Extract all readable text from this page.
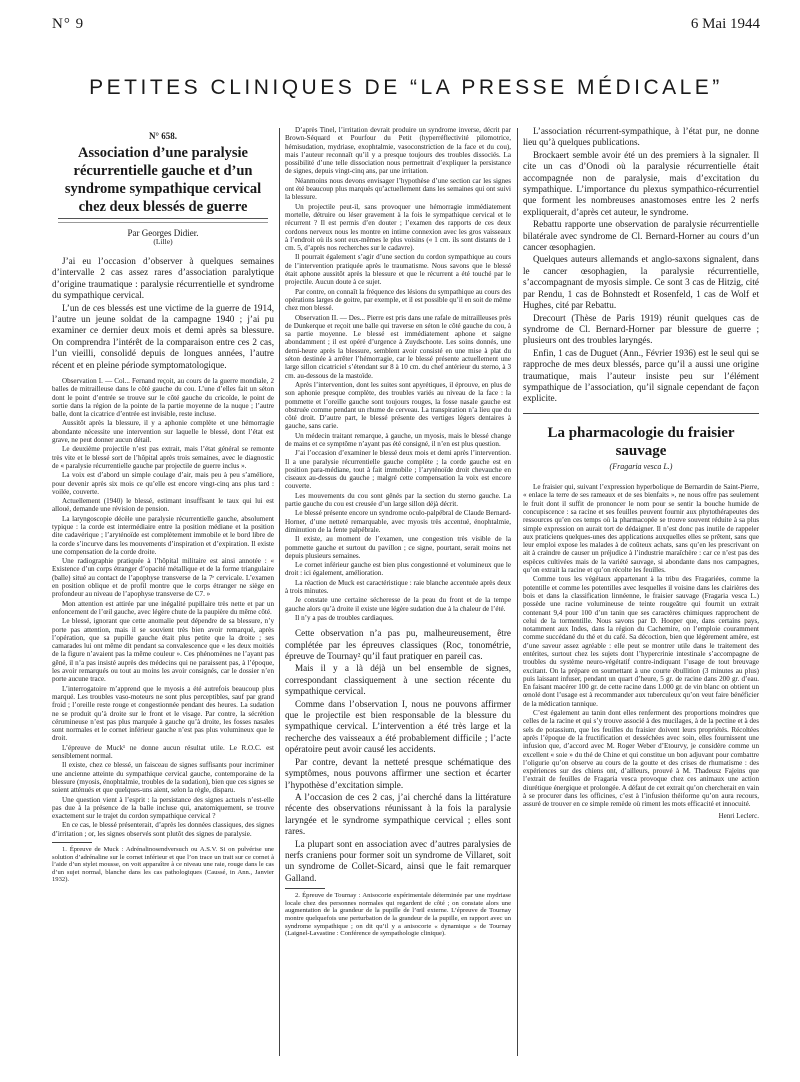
N° 9	6 Mai 1944
PETITES CLINIQUES DE “LA PRESSE MÉDICALE”
N° 658.
Association d’une paralysie récurrentielle gauche et d’un syndrome sympathique cervical chez deux blessés de guerre
Par Georges Didier.
(Lille)

J’ai eu l’occasion d’observer à quelques semaines d’intervalle 2 cas assez rares d’association paralytique d’origine traumatique : paralysie récurrentielle et syndrome du sympathique cervical.

L’un de ces blessés est une victime de la guerre de 1914, l’autre un jeune soldat de la campagne 1940 ; j’ai pu examiner ce dernier deux mois et demi après sa blessure. On comprendra l’intérêt de la comparaison entre ces 2 cas, l’un vieilli, consolidé depuis de longues années, l’autre récent et en pleine période symptomatologique.

Observation I. — Col... Fernand reçoit, au cours de la guerre mondiale, 2 balles de mitrailleuse dans le côté gauche du cou. L’une d’elles fait un séton dont le point d’entrée se trouve sur le côté gauche du cricoïde, le point de sortie dans la région de la pointe de la partie moyenne de la nuque ; l’autre balle, dont la cicatrice d’entrée est invisible, reste incluse.

Aussitôt après la blessure, il y a aphonie complète et une hémorragie abondante nécessite une intervention sur laquelle le blessé, dont l’état est grave, ne peut donner aucun détail.

Le deuxième projectile n’est pas extrait, mais l’état général se remonte très vite et le blessé sort de l’hôpital après trois semaines, avec le diagnostic de « paralysie récurrentielle gauche par projectile de guerre inclus ».

La voix est d’abord un simple coulage d’air, mais peu à peu s’améliore, pour devenir après six mois ce qu’elle est encore vingt-cinq ans plus tard : voilée, couverte.

Actuellement (1940) le blessé, estimant insuffisant le taux qui lui est alloué, demande une révision de pension.

La laryngoscopie décèle une paralysie récurrentielle gauche, absolument typique : la corde est intermédiaire entre la position médiane et la position dite cadavérique ; l’aryténoïde est complètement immobile et le bord libre de la corde s’incurve dans les mouvements d’inspiration et d’expiration. Il existe une compensation de la corde droite.

Une radiographie pratiquée à l’hôpital militaire est ainsi annotée : « Existence d’un corps étranger d’opacité métallique et de la forme triangulaire (balle) situé au contact de l’apophyse transverse de la 7ᵉ cervicale. L’examen en position oblique et de profil montre que le corps étranger ne siège en profondeur au niveau de l’apophyse transverse de C7. »

Mon attention est attirée par une inégalité pupillaire très nette et par un enfoncement de l’œil gauche, avec légère chute de la paupière du même côté.

Le blessé, ignorant que cette anomalie peut dépendre de sa blessure, n’y porte pas attention, mais il se souvient très bien avoir remarqué, après l’opération, que sa pupille gauche était plus petite que la droite ; ses camarades lui ont même dit pendant sa convalescence que « les deux moitiés de la figure n’avaient pas la même couleur ». Ces phénomènes ne l’ayant pas gêné, il n’a pas insisté auprès des médecins qui ne paraissent pas, à l’époque, les avoir remarqués ou tout au moins les avoir consignés, car le dossier n’en porte aucune trace.

L’interrogatoire m’apprend que le myosis a été autrefois beaucoup plus marqué. Les troubles vaso-moteurs ne sont plus perceptibles, sauf par grand froid ; l’oreille reste rouge et congestionnée pendant des heures. La sudation ne se produit qu’à droite sur le front et le visage. Par contre, la sécrétion cérumineuse n’est pas plus marquée à gauche qu’à droite, les fosses nasales sont normales et le cornet inférieur gauche n’est pas plus volumineux que le droit.

L’épreuve de Muck¹ ne donne aucun résultat utile. Le R.O.C. est sensiblement normal.

Il existe, chez ce blessé, un faisceau de signes suffisants pour incriminer une ancienne atteinte du sympathique cervical gauche, contemporaine de la blessure (myosis, énophtalmie, troubles de la sudation), bien que ces signes se soient atténués et que quelques-uns aient, selon la règle, disparu.

Une question vient à l’esprit : la persistance des signes actuels n’est-elle pas due à la présence de la balle incluse qui, anatomiquement, se trouve exactement sur le trajet du cordon sympathique cervical ?

En ce cas, le blessé présenterait, d’après les données classiques, des signes d’irritation ; or, les signes observés sont plutôt des signes de paralysie.

1. Épreuve de Muck : Adrénalinosendversuch ou A.S.V. Si on pulvérise une solution d’adrénaline sur le cornet inférieur et que l’on trace un trait sur ce cornet à l’aide d’un stylet mousse, on voit apparaître à ce niveau une raie, rouge dans le cas d’un sujet normal, blanche dans les cas pathologiques (Caussé, in Ann., Janvier 1932).

D’après Tinel, l’irritation devrait produire un syndrome inverse, décrit par Brown-Séquard et Pourfour du Petit (hyperréflectivité pilomotrice, hémisudation, mydriase, exophtalmie, vasoconstriction de la face et du cou), mais l’auteur reconnaît qu’il y a presque toujours des troubles dissociés. La possibilité d’une telle dissociation nous permettrait d’expliquer la persistance de signes, depuis vingt-cinq ans, par une irritation.

Néanmoins nous devons envisager l’hypothèse d’une section car les signes ont été beaucoup plus marqués qu’actuellement dans les semaines qui ont suivi la blessure.

Un projectile peut-il, sans provoquer une hémorragie immédiatement mortelle, détruire ou léser gravement à la fois le sympathique cervical et le récurrent ? Il est permis d’en douter ; l’examen des rapports de ces deux cordons nerveux nous les montre en intime connexion avec les gros vaisseaux à l’endroit où ils sont eux-mêmes le plus voisins (« 1 cm. ils sont distants de 1 cm. 5, d’après nos recherches sur le cadavre).

Il pourrait également s’agir d’une section du cordon sympathique au cours de l’intervention pratiquée après le traumatisme. Nous savons que le blessé était aphone aussitôt après la blessure et que le récurrent a été touché par le projectile. Aucun doute à ce sujet.

Par contre, on connaît la fréquence des lésions du sympathique au cours des opérations larges de goitre, par exemple, et il est possible qu’il en soit de même chez mon blessé.

Observation II. — Des... Pierre est pris dans une rafale de mitrailleuses près de Dunkerque et reçoit une balle qui traverse en séton le côté gauche du cou, à sa partie moyenne. Le blessé est immédiatement aphone et saigne abondamment ; il est opéré d’urgence à Zuydschoote. Les soins donnés, une demi-heure après la blessure, semblent avoir consisté en une mise à plat du séton destinée à arrêter l’hémorragie, car le blessé présente actuellement une large sillon cicatriciel s’étendant sur 8 à 10 cm. du chef antérieur du sterno, à 3 cm. au-dessous de la mastoïde.

Après l’intervention, dont les suites sont apyrétiques, il éprouve, en plus de son aphonie presque complète, des troubles variés au niveau de la face : la pommette et l’oreille gauche sont toujours rouges, la fosse nasale gauche est obstruée comme pendant un rhume de cerveau. La transpiration n’a lieu que du côté droit. D’autre part, le blessé présente des vertiges légers dentaires à gauche, sans carie.

Un médecin traitant remarque, à gauche, un myosis, mais le blessé change de mains et ce symptôme n’ayant pas été consigné, il n’en est plus question.

J’ai l’occasion d’examiner le blessé deux mois et demi après l’intervention. Il a une paralysie récurrentielle gauche complète ; la corde gauche est en position para-médiane, tout à fait immobile ; l’aryténoïde droit chevauche en ciseaux au-dessus du gauche ; malgré cette compensation la voix est encore couverte.

Les mouvements du cou sont gênés par la section du sterno gauche. La partie gauche du cou est creusée d’un large sillon déjà décrit.

Le blessé présente encore un syndrome oculo-palpébral de Claude Bernard-Horner, d’une netteté remarquable, avec myosis très accentué, énophtalmie, diminution de la fente palpébrale.

Il existe, au moment de l’examen, une congestion très visible de la pommette gauche et surtout du pavillon ; ce signe, pourtant, serait moins net depuis plusieurs semaines.

Le cornet inférieur gauche est bien plus congestionné et volumineux que le droit : ici également, amélioration.

La réaction de Muck est caractéristique : raie blanche accentuée après deux à trois minutes.

Je constate une certaine sécheresse de la peau du front et de la tempe gauche alors qu’à droite il existe une légère sudation due à la chaleur de l’été.

Il n’y a pas de troubles cardiaques.

Cette observation n’a pas pu, malheureusement, être complétée par les épreuves classiques (Roc, tonométrie, épreuve de Tournay² qu’il faut pratiquer en pareil cas.

Mais il y a là déjà un bel ensemble de signes, correspondant classiquement à une section récente du sympathique cervical.

Comme dans l’observation I, nous ne pouvons affirmer que le projectile est bien responsable de la blessure du sympathique cervical. L’intervention a été très large et la recherche des vaisseaux a été probablement difficile ; l’acte opératoire peut avoir causé les accidents.

Par contre, devant la netteté presque schématique des symptômes, nous pouvons affirmer une section et écarter l’hypothèse d’excitation simple.

A l’occasion de ces 2 cas, j’ai cherché dans la littérature récente des observations réunissant à la fois la paralysie laryngée et le syndrome sympathique cervical ; elles sont rares.

La plupart sont en association avec d’autres paralysies de nerfs craniens pour former soit un syndrome de Villaret, soit un syndrome de Collet-Sicard, ainsi que le fait remarquer Galland.

2. Épreuve de Tournay : Anisocorie expérimentale déterminée par une mydriase locale chez des personnes normales qui regardent de côté ; on constate alors une augmentation de la grandeur de la pupille de l’œil externe. L’épreuve de Tournay montre quelquefois une perturbation de la grandeur de la pupille, en rapport avec un syndrome sympathique ; on dit qu’il y a anisocorie « dynamique » de Tournay (Laignel-Lavastine : Conférence de sympathologie clinique).

L’association récurrent-sympathique, à l’état pur, ne donne lieu qu’à quelques publications.

Brockaert semble avoir été un des premiers à la signaler. Il cite un cas d’Onodi où la paralysie récurrentielle était accompagnée non de paralysie, mais d’excitation du sympathique. L’importance du plexus sympathico-récurrentiel que forment les nombreuses anastomoses entre les 2 nerfs expliquerait, d’après cet auteur, le syndrome.

Rebattu rapporte une observation de paralysie récurrentielle bilatérale avec syndrome de Cl. Bernard-Horner au cours d’un cancer œsophagien.

Quelques auteurs allemands et anglo-saxons signalent, dans le cancer œsophagien, la paralysie récurrentielle, s’accompagnant de myosis simple. Ce sont 3 cas de Hitzig, cité par Rendu, 1 cas de Bohnstedt et Rosenfeld, 1 cas de Wolf et Hughes, cité par Rebattu.

Drecourt (Thèse de Paris 1919) réunit quelques cas de syndrome de Cl. Bernard-Horner par blessure de guerre ; plusieurs ont des troubles laryngés.

Enfin, 1 cas de Duguet (Ann., Février 1936) est le seul qui se rapproche de mes deux blessés, parce qu’il a aussi une origine traumatique, mais l’auteur insiste peu sur l’élément sympathique de l’association, qu’il signale cependant de façon explicite.

La pharmacologie du fraisier sauvage
(Fragaria vesca L.)

Le fraisier qui, suivant l’expression hyperbolique de Bernardin de Saint-Pierre, « enlace la terre de ses rameaux et de ses bienfaits », ne nous offre pas seulement le fruit dont il suffit de prononcer le nom pour se sentir la bouche humide de concupiscence : sa racine et ses feuilles peuvent fournir aux phytothérapeutes des ressources qu’en ces temps où la pharmacopée se trouve souvent réduite à sa plus simple expression on aurait tort de dédaigner. Il n’est donc pas inutile de rappeler aux praticiens quelques-unes des applications auxquelles elles se prêtent, sans que leur emploi expose les malades à de coûteux achats, sans qu’en les prescrivant on ait à craindre de causer un préjudice à l’industrie maraîchère : car ce n’est pas des espèces cultivées mais de la variété sauvage, si abondante dans nos campagnes, qu’on extrait la racine et qu’on récolte les feuilles.

Comme tous les végétaux appartenant à la tribu des Fragariées, comme la potentille et comme les potentilles avec lesquelles il voisine dans les clairières des bois et dans la classification linnéenne, le fraisier sauvage (Fragaria vesca L.) possède une racine volumineuse de teinte rougeâtre qui fournit un extrait contenant 9,4 pour 100 d’un tanin que ses caractères chimiques rapprochent de celui de la tormentille. Nous savons par D. Hooper que, dans certains pays, notamment aux Indes, dans la région du Cachemire, on l’emploie couramment comme succédané du thé et du café. Sa décoction, bien que légèrement amère, est d’une saveur assez agréable : elle peut se montrer utile dans le traitement des entérites, surtout chez les sujets dont l’hypercrinie intestinale s’accompagne de troubles du système neuro-végétatif contre-indiquant l’usage de tout breuvage excitant. On la prépare en soumettant à une courte ébullition (3 minutes au plus) puis laissant infuser, pendant un quart d’heure, 5 gr. de racine dans 200 gr. d’eau. En faisant macérer 100 gr. de cette racine dans 1.000 gr. de vin blanc on obtient un œnolé dont l’usage est à recommander aux tuberculeux qu’on veut faire bénéficier de la médication tannique.

C’est également au tanin dont elles renferment des proportions moindres que celles de la racine et qui s’y trouve associé à des mucilages, à de la pectine et à des sels de potassium, que les feuilles du fraisier doivent leurs propriétés. Récoltées après l’époque de la fructification et desséchées avec soin, elles fournissent une infusion que, d’accord avec M. Roger Weber d’Etourvy, je considère comme un excellent « soie » du thé de Chine et qui constitue un bon adjuvant pour combattre l’oligurie qu’on observe au cours de la goutte et des crises de rhumatisme : des expériences sur des chiens ont, d’ailleurs, prouvé à M. Thadeusz Fajeins que l’extrait de feuilles de Fragaria vesca provoque chez ces animaux une action diurétique énergique et prolongée. A défaut de cet extrait qu’on chercherait en vain à se procurer dans les officines, c’est à l’infusion théiforme qu’on aura recours, assuré de trouver en ce simple remède où riment les mots efficacité et innocuité.

Henri Leclerc.
